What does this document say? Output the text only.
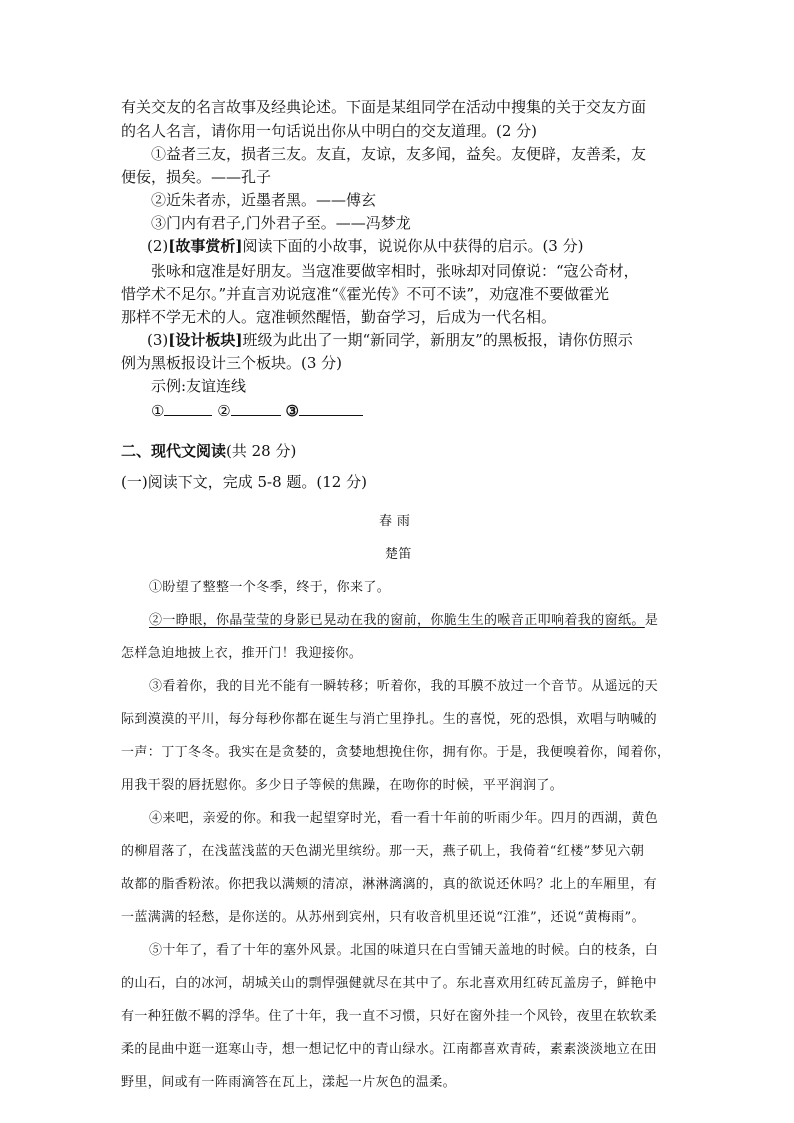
有关交友的名言故事及经典论述。下面是某组同学在活动中搜集的关于交友方面
的名人名言，请你用一句话说出你从中明白的交友道理。(2 分)
①益者三友，损者三友。友直，友谅，友多闻，益矣。友便辟，友善柔，友
便佞，损矣。——孔子
②近朱者赤，近墨者黑。——傅玄
③门内有君子,门外君子至。——冯梦龙
(2)[故事赏析]阅读下面的小故事，说说你从中获得的启示。(3 分)
张咏和寇准是好朋友。当寇准要做宰相时，张咏却对同僚说：“寇公奇材，
惜学术不足尔。”并直言劝说寇准“《霍光传》不可不读”，劝寇准不要做霍光
那样不学无术的人。寇准顿然醒悟，勤奋学习，后成为一代名相。
(3)[设计板块]班级为此出了一期“新同学，新朋友”的黑板报，请你仿照示
例为黑板报设计三个板块。(3 分)
示例:友谊连线
①	②	③
二、现代文阅读(共 28 分)
(一)阅读下文，完成 5-8 题。(12 分)
春 雨
楚笛
①盼望了整整一个冬季，终于，你来了。
②一睁眼，你晶莹莹的身影已晃动在我的窗前，你脆生生的喉音正叩响着我的窗纸。是
怎样急迫地披上衣，推开门！我迎接你。
③看着你，我的目光不能有一瞬转移；听着你，我的耳膜不放过一个音节。从遥远的天
际到漠漠的平川，每分每秒你都在诞生与消亡里挣扎。生的喜悦，死的恐惧，欢唱与呐喊的
一声：丁丁冬冬。我实在是贪婪的，贪婪地想挽住你，拥有你。于是，我便嗅着你，闻着你，
用我干裂的唇抚慰你。多少日子等候的焦躁，在吻你的时候，平平润润了。
④来吧，亲爱的你。和我一起望穿时光，看一看十年前的听雨少年。四月的西湖，黄色
的柳眉落了，在浅蓝浅蓝的天色湖光里缤纷。那一天，燕子矶上，我倚着“红楼”梦见六朝
故都的脂香粉浓。你把我以满颊的清凉，淋淋漓漓的，真的欲说还休吗？北上的车厢里，有
一蓝满满的轻愁，是你送的。从苏州到宾州，只有收音机里还说“江淮”，还说“黄梅雨”。
⑤十年了，看了十年的塞外风景。北国的味道只在白雪铺天盖地的时候。白的枝条，白
的山石，白的冰河，胡城关山的剽悍强健就尽在其中了。东北喜欢用红砖瓦盖房子，鲜艳中
有一种狂傲不羁的浮华。住了十年，我一直不习惯，只好在窗外挂一个风铃，夜里在软软柔
柔的昆曲中逛一逛寒山寺，想一想记忆中的青山绿水。江南都喜欢青砖，素素淡淡地立在田
野里，间或有一阵雨滴答在瓦上，漾起一片灰色的温柔。
